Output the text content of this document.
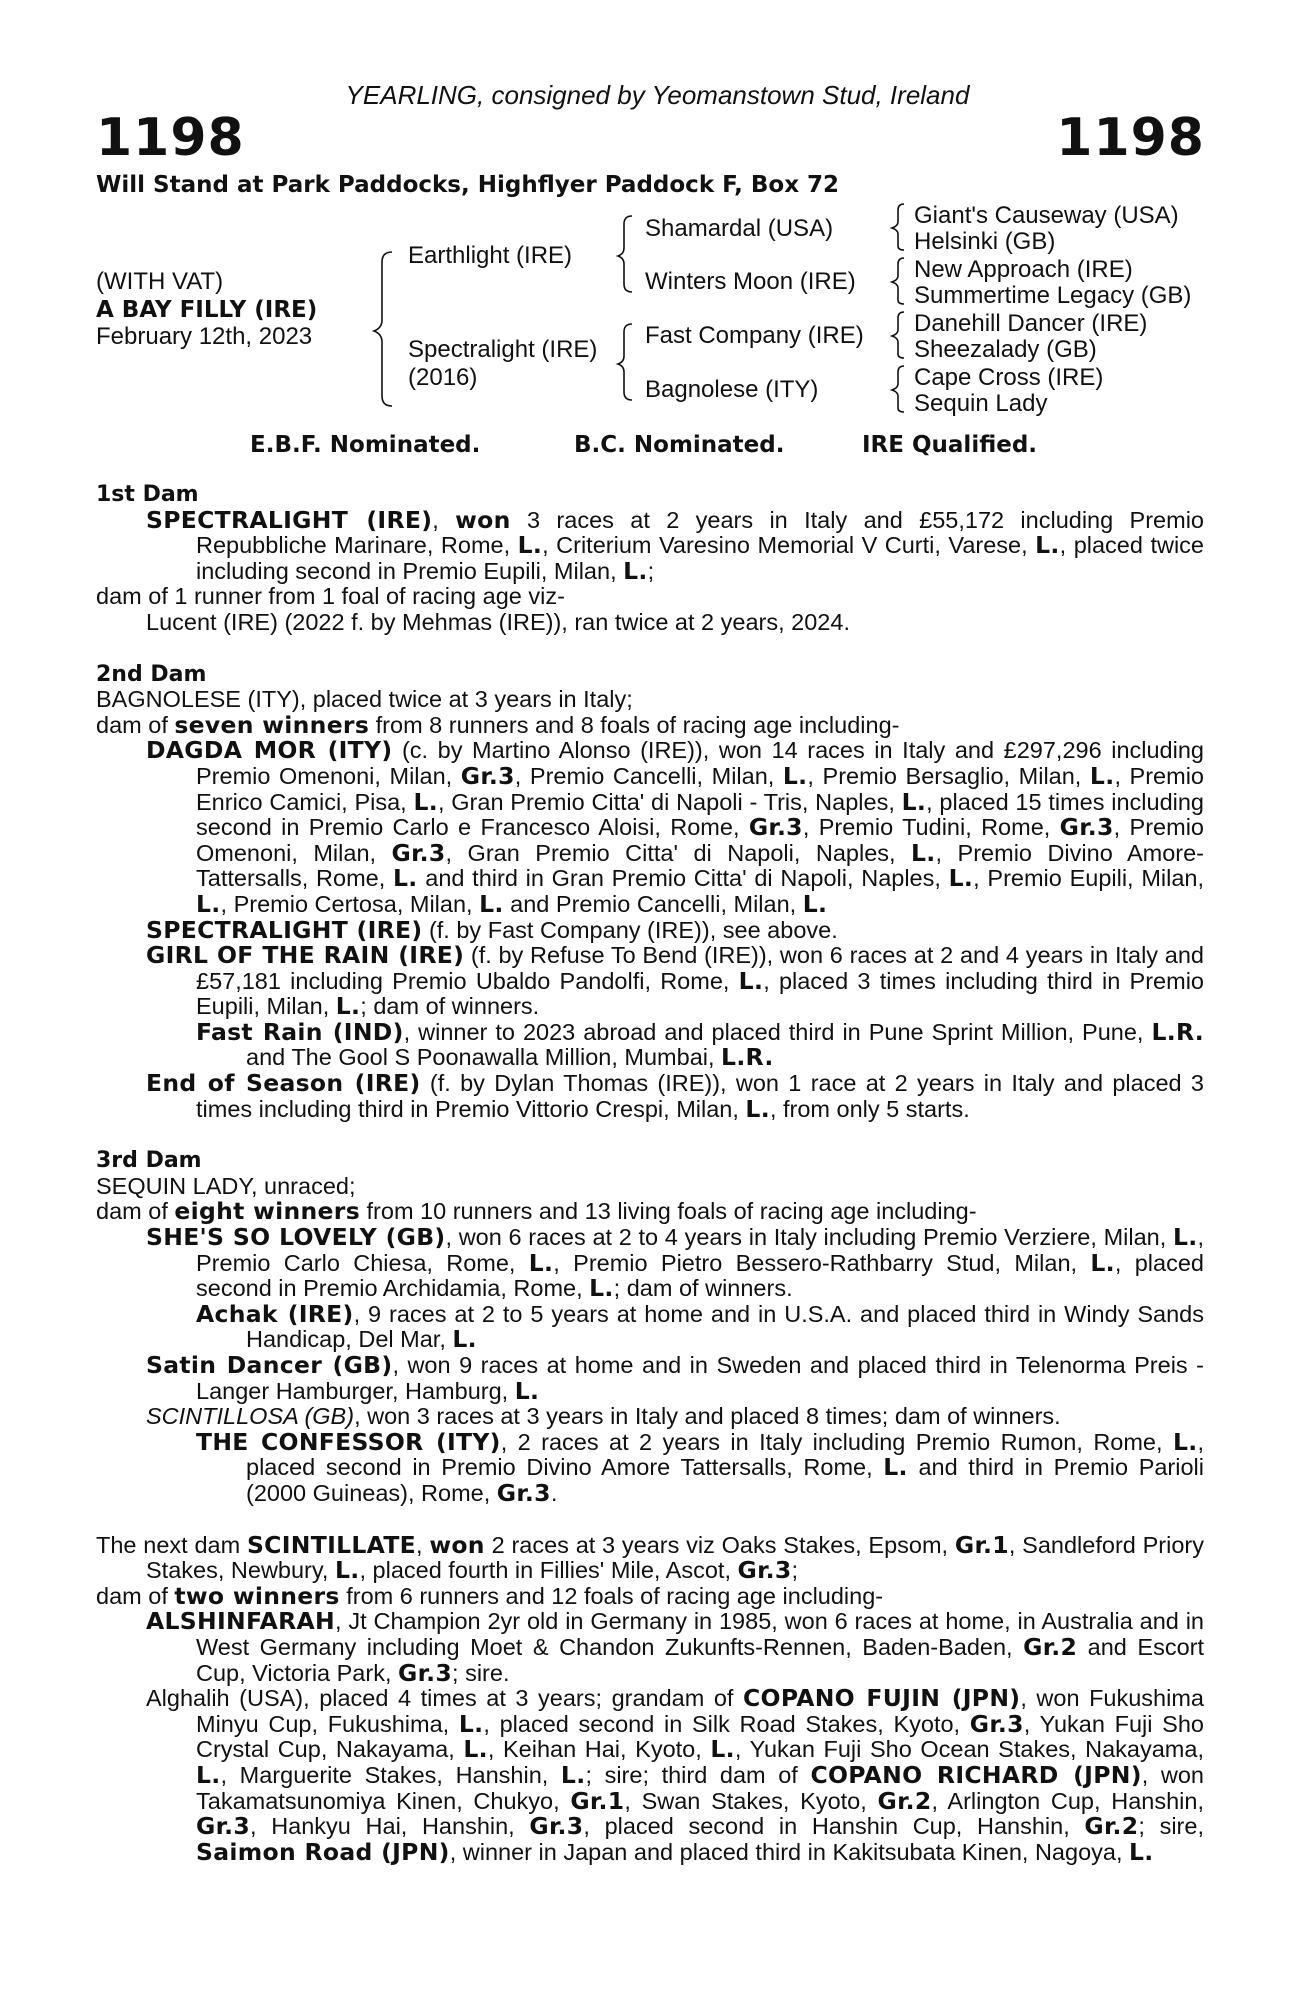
YEARLING, consigned by Yeomanstown Stud, Ireland
1198	1198
Will Stand at Park Paddocks, Highflyer Paddock F, Box 72
(WITH VAT)
A BAY FILLY (IRE)
February 12th, 2023
Earthlight (IRE)
Spectralight (IRE)
(2016)
Shamardal (USA)
Winters Moon (IRE)
Fast Company (IRE)
Bagnolese (ITY)
Giant's Causeway (USA)
Helsinki (GB)
New Approach (IRE)
Summertime Legacy (GB)
Danehill Dancer (IRE)
Sheezalady (GB)
Cape Cross (IRE)
Sequin Lady
E.B.F. Nominated.	B.C. Nominated.	IRE Qualified.

1st Dam

SPECTRALIGHT (IRE), won 3 races at 2 years in Italy and £55,172 including Premio Repubbliche Marinare, Rome, L., Criterium Varesino Memorial V Curti, Varese, L., placed twice including second in Premio Eupili, Milan, L.;

dam of 1 runner from 1 foal of racing age viz-

Lucent (IRE) (2022 f. by Mehmas (IRE)), ran twice at 2 years, 2024.

2nd Dam

BAGNOLESE (ITY), placed twice at 3 years in Italy;

dam of seven winners from 8 runners and 8 foals of racing age including-

DAGDA MOR (ITY) (c. by Martino Alonso (IRE)), won 14 races in Italy and £297,296 including Premio Omenoni, Milan, Gr.3, Premio Cancelli, Milan, L., Premio Bersaglio, Milan, L., Premio Enrico Camici, Pisa, L., Gran Premio Citta' di Napoli - Tris, Naples, L., placed 15 times including second in Premio Carlo e Francesco Aloisi, Rome, Gr.3, Premio Tudini, Rome, Gr.3, Premio Omenoni, Milan, Gr.3, Gran Premio Citta' di Napoli, Naples, L., Premio Divino Amore-Tattersalls, Rome, L. and third in Gran Premio Citta' di Napoli, Naples, L., Premio Eupili, Milan, L., Premio Certosa, Milan, L. and Premio Cancelli, Milan, L.

SPECTRALIGHT (IRE) (f. by Fast Company (IRE)), see above.

GIRL OF THE RAIN (IRE) (f. by Refuse To Bend (IRE)), won 6 races at 2 and 4 years in Italy and £57,181 including Premio Ubaldo Pandolfi, Rome, L., placed 3 times including third in Premio Eupili, Milan, L.; dam of winners.

Fast Rain (IND), winner to 2023 abroad and placed third in Pune Sprint Million, Pune, L.R. and The Gool S Poonawalla Million, Mumbai, L.R.

End of Season (IRE) (f. by Dylan Thomas (IRE)), won 1 race at 2 years in Italy and placed 3 times including third in Premio Vittorio Crespi, Milan, L., from only 5 starts.

3rd Dam

SEQUIN LADY, unraced;

dam of eight winners from 10 runners and 13 living foals of racing age including-

SHE'S SO LOVELY (GB), won 6 races at 2 to 4 years in Italy including Premio Verziere, Milan, L., Premio Carlo Chiesa, Rome, L., Premio Pietro Bessero-Rathbarry Stud, Milan, L., placed second in Premio Archidamia, Rome, L.; dam of winners.

Achak (IRE), 9 races at 2 to 5 years at home and in U.S.A. and placed third in Windy Sands Handicap, Del Mar, L.

Satin Dancer (GB), won 9 races at home and in Sweden and placed third in Telenorma Preis - Langer Hamburger, Hamburg, L.

SCINTILLOSA (GB), won 3 races at 3 years in Italy and placed 8 times; dam of winners.

THE CONFESSOR (ITY), 2 races at 2 years in Italy including Premio Rumon, Rome, L., placed second in Premio Divino Amore Tattersalls, Rome, L. and third in Premio Parioli (2000 Guineas), Rome, Gr.3.

The next dam SCINTILLATE, won 2 races at 3 years viz Oaks Stakes, Epsom, Gr.1, Sandleford Priory Stakes, Newbury, L., placed fourth in Fillies' Mile, Ascot, Gr.3;

dam of two winners from 6 runners and 12 foals of racing age including-

ALSHINFARAH, Jt Champion 2yr old in Germany in 1985, won 6 races at home, in Australia and in West Germany including Moet & Chandon Zukunfts-Rennen, Baden-Baden, Gr.2 and Escort Cup, Victoria Park, Gr.3; sire.

Alghalih (USA), placed 4 times at 3 years; grandam of COPANO FUJIN (JPN), won Fukushima Minyu Cup, Fukushima, L., placed second in Silk Road Stakes, Kyoto, Gr.3, Yukan Fuji Sho Crystal Cup, Nakayama, L., Keihan Hai, Kyoto, L., Yukan Fuji Sho Ocean Stakes, Nakayama, L., Marguerite Stakes, Hanshin, L.; sire; third dam of COPANO RICHARD (JPN), won Takamatsunomiya Kinen, Chukyo, Gr.1, Swan Stakes, Kyoto, Gr.2, Arlington Cup, Hanshin, Gr.3, Hankyu Hai, Hanshin, Gr.3, placed second in Hanshin Cup, Hanshin, Gr.2; sire, Saimon Road (JPN), winner in Japan and placed third in Kakitsubata Kinen, Nagoya, L.
